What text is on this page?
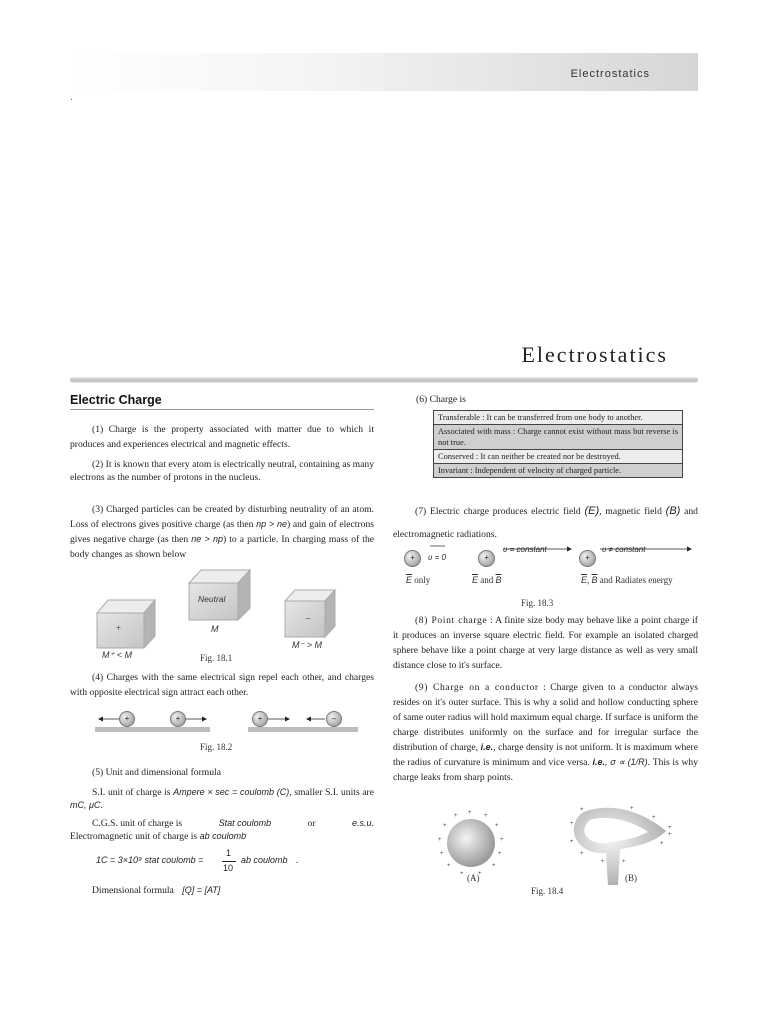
Electrostatics
Electrostatics
Electric Charge
(1) Charge is the property associated with matter due to which it produces and experiences electrical and magnetic effects.
(2) It is known that every atom is electrically neutral, containing as many electrons as the number of protons in the nucleus.
(3) Charged particles can be created by disturbing neutrality of an atom. Loss of electrons gives positive charge (as then np > ne) and gain of electrons gives negative charge (as then ne > np) to a particle. In charging mass of the body changes as shown below
+
Neutral
–
M⁺ < M
M
M⁻ > M
Fig. 18.1
(4) Charges with the same electrical sign repel each other, and charges with opposite electrical sign attract each other.
+	+	+	–
Fig. 18.2
(5) Unit and dimensional formula
S.I. unit of charge is Ampere × sec = coulomb (C), smaller S.I. units are mC, μC.
C.G.S. unit of charge is	Stat coulomb	or	e.s.u.
Electromagnetic unit of charge is ab coulomb
1C = 3×10⁹ stat coulomb =
1
10
ab coulomb .
Dimensional formula [Q] = [AT]
(6) Charge is
Transferable : It can be transferred from one body to another.
Associated with mass : Charge cannot exist without mass but reverse is not true.
Conserved : It can neither be created nor be destroyed.
Invariant : Independent of velocity of charged particle.
(7) Electric charge produces electric field (E), magnetic field (B) and electromagnetic radiations.
+	+	+
υ = 0
υ = constant	υ ≠ constant
$\overline{E}$ only	$\overline{E}$ and $\overline{B}$	$\overline{E}$, $\overline{B}$ and Radiates energy
Fig. 18.3
(8) Point charge : A finite size body may behave like a point charge if it produces an inverse square electric field. For example an isolated charged sphere behave like a point charge at very large distance as well as very small distance close to it's surface.
(9) Charge on a conductor : Charge given to a conductor always resides on it's outer surface. This is why a solid and hollow conducting sphere of same outer radius will hold maximum equal charge. If surface is uniform the charge distributes uniformly on the surface and for irregular surface the distribution of charge, i.e., charge density is not uniform. It is maximum where the radius of curvature is minimum and vice versa. i.e., σ ∝ (1/R). This is why charge leaks from sharp points.
+
+	+
+	+
+	+
+	+
+	+
+ +
+
+
+
+
+
+
+
+
+
+
+
(A)	(B)
Fig. 18.4
